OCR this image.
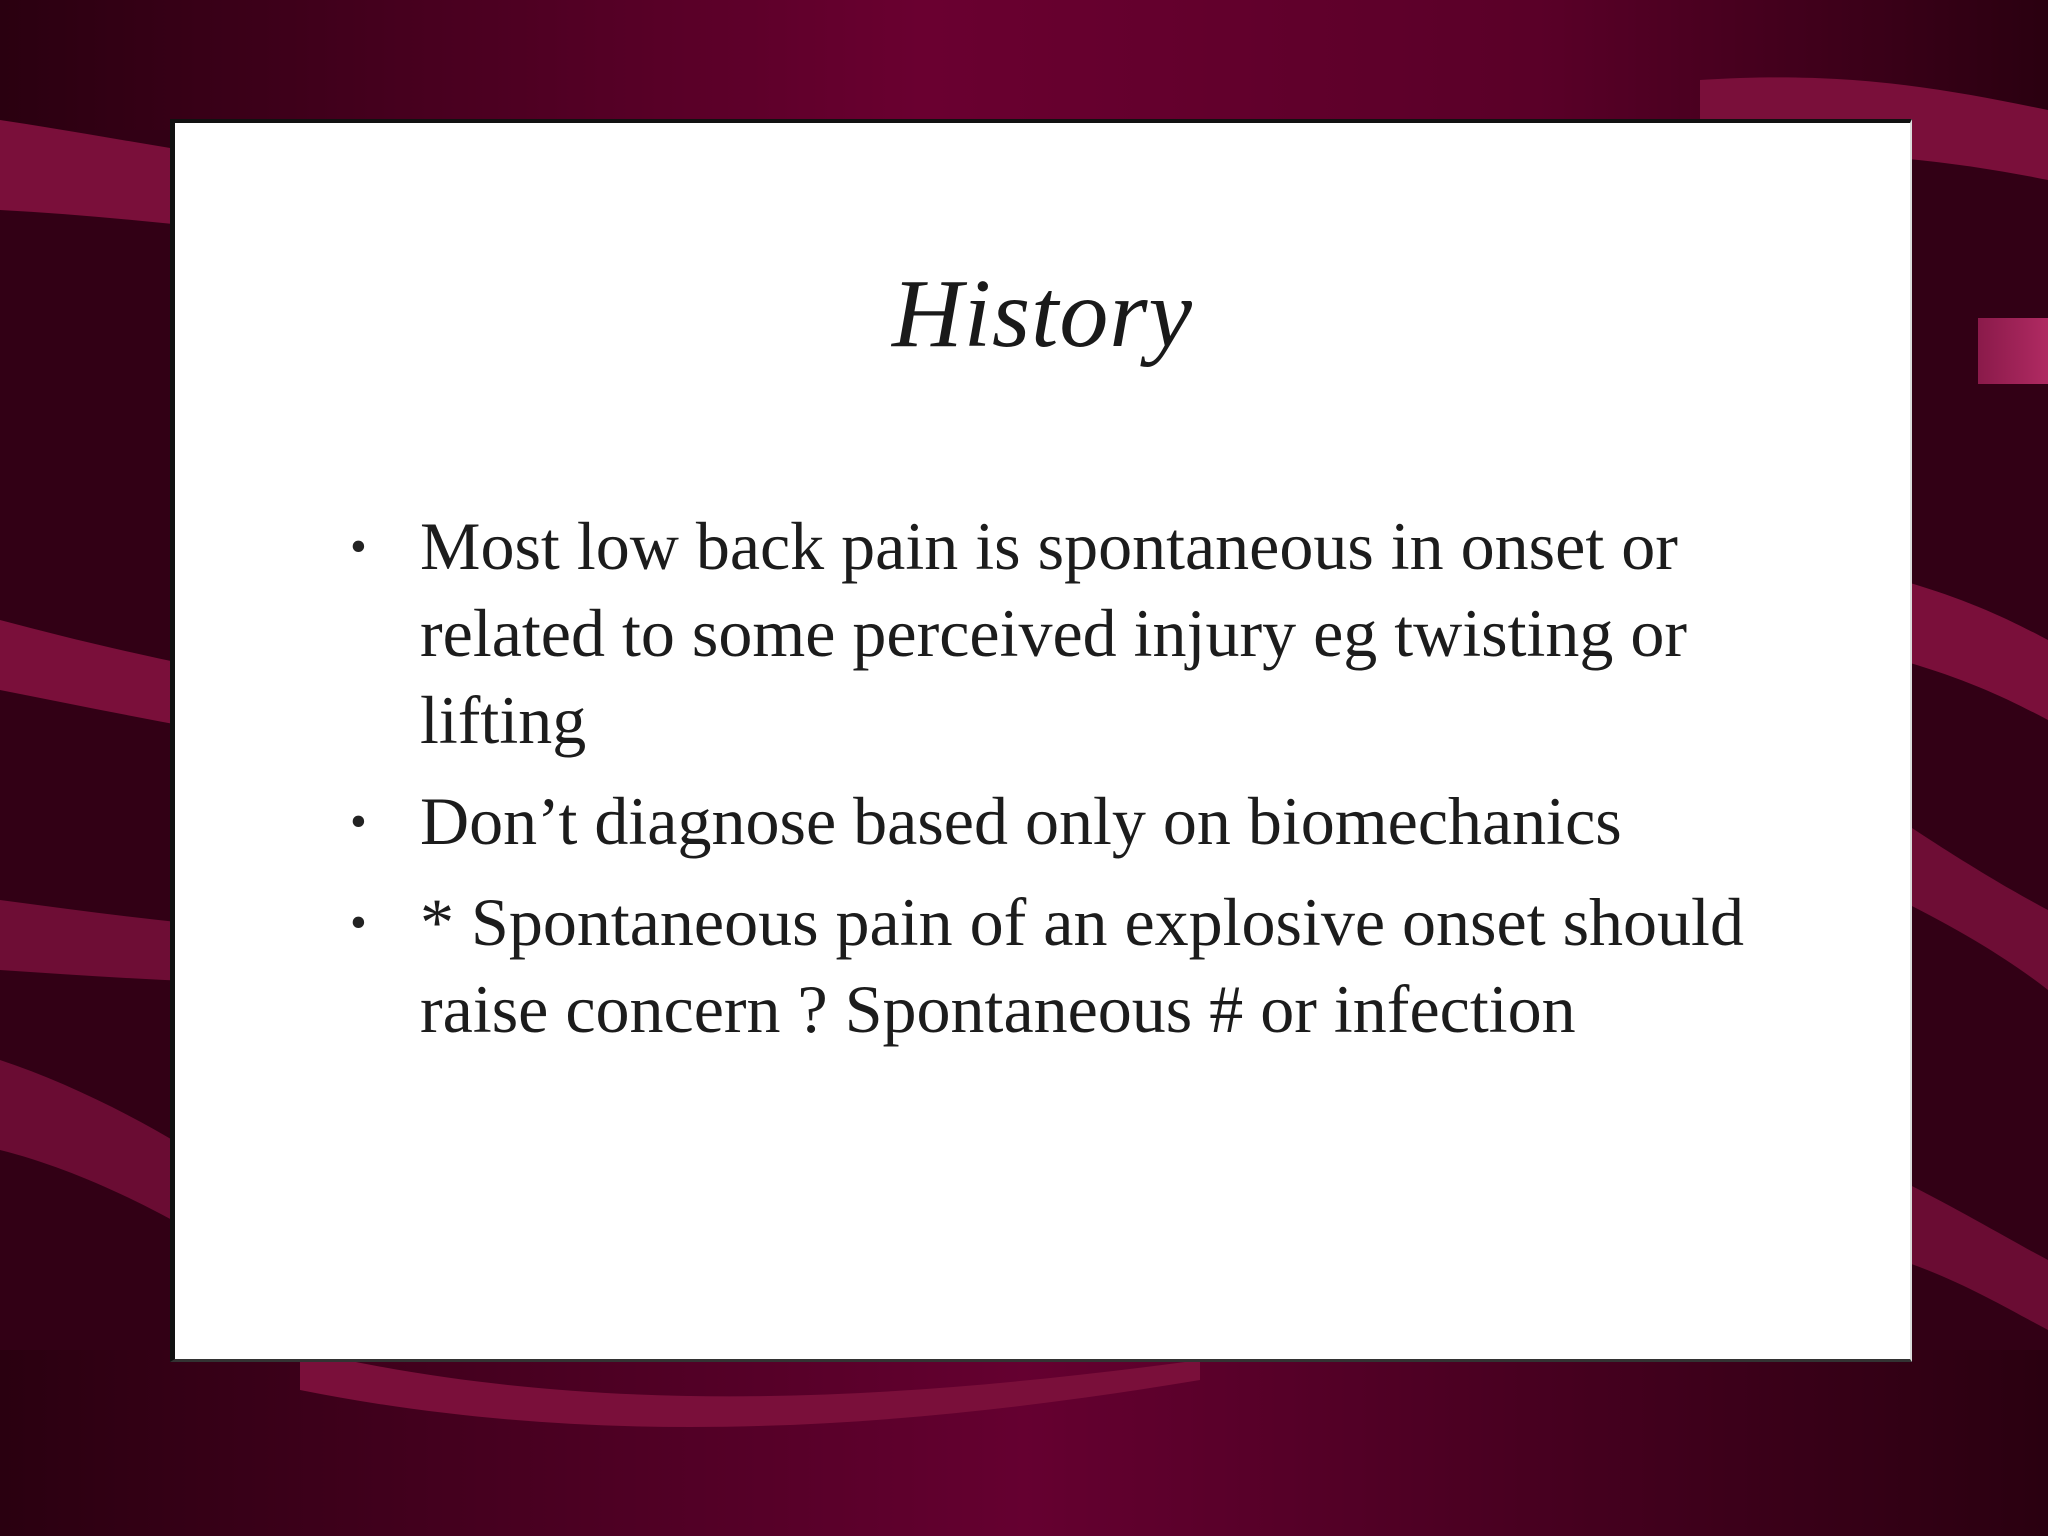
History
• Most low back pain is spontaneous in onset or related to some perceived injury eg twisting or lifting
• Don’t diagnose based only on biomechanics
• * Spontaneous pain of an explosive onset should raise concern ? Spontaneous # or infection
